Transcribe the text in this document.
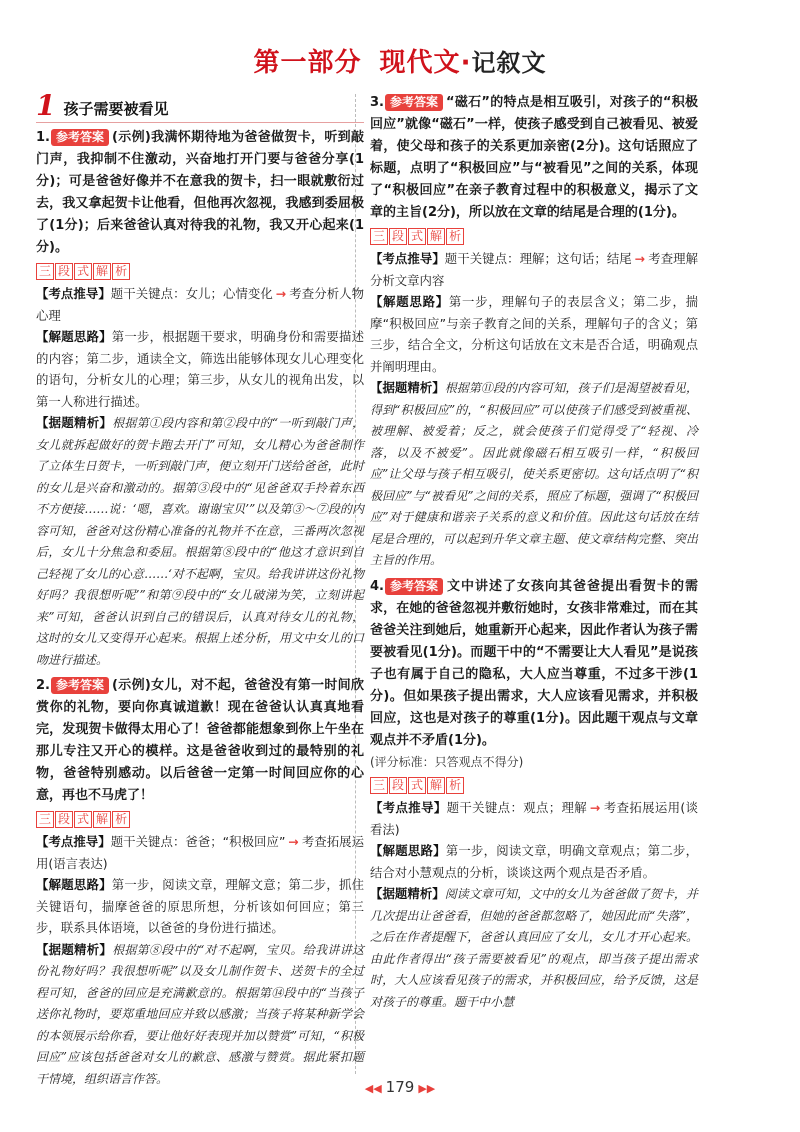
第一部分 现代文·记叙文
1 孩子需要被看见
1. 参考答案 (示例)我满怀期待地为爸爸做贺卡，听到敲门声，我抑制不住激动，兴奋地打开门要与爸爸分享(1分)；可是爸爸好像并不在意我的贺卡，扫一眼就敷衍过去，我又拿起贺卡让他看，但他再次忽视，我感到委屈极了(1分)；后来爸爸认真对待我的礼物，我又开心起来(1分)。
三 段 式 解 析
【考点推导】题干关键点：女儿；心情变化 → 考查分析人物心理
【解题思路】第一步，根据题干要求，明确身份和需要描述的内容；第二步，通读全文，筛选出能够体现女儿心理变化的语句，分析女儿的心理；第三步，从女儿的视角出发，以第一人称进行描述。
【据题精析】根据第①段内容和第②段中的“一听到敲门声，女儿就拆起做好的贺卡跑去开门”可知，女儿精心为爸爸制作了立体生日贺卡，一听到敲门声，便立刻开门送给爸爸，此时的女儿是兴奋和激动的。据第③段中的“见爸爸双手拎着东西不方便接……说：‘嗯，喜欢。谢谢宝贝’”以及第③～⑦段的内容可知，爸爸对这份精心准备的礼物并不在意，三番两次忽视后，女儿十分焦急和委屈。根据第⑧段中的“他这才意识到自己轻视了女儿的心意……‘对不起啊，宝贝。给我讲讲这份礼物好吗？我很想听呢’”和第⑨段中的“女儿破涕为笑，立刻讲起来”可知，爸爸认识到自己的错误后，认真对待女儿的礼物，这时的女儿又变得开心起来。根据上述分析，用文中女儿的口吻进行描述。
2. 参考答案 (示例)女儿，对不起，爸爸没有第一时间欣赏你的礼物，要向你真诚道歉！现在爸爸认认真真地看完，发现贺卡做得太用心了！爸爸都能想象到你上午坐在那儿专注又开心的模样。这是爸爸收到过的最特别的礼物，爸爸特别感动。以后爸爸一定第一时间回应你的心意，再也不马虎了！
三 段 式 解 析
【考点推导】题干关键点：爸爸；“积极回应” → 考查拓展运用(语言表达)
【解题思路】第一步，阅读文章，理解文意；第二步，抓住关键语句，揣摩爸爸的原思所想，分析该如何回应；第三步，联系具体语境，以爸爸的身份进行描述。
【据题精析】根据第⑧段中的“对不起啊，宝贝。给我讲讲这份礼物好吗？我很想听呢”以及女儿制作贺卡、送贺卡的全过程可知，爸爸的回应是充满歉意的。根据第⑭段中的“当孩子送你礼物时，要郑重地回应并致以感激；当孩子将某种新学会的本领展示给你看，要让他好好表现并加以赞赏”可知，“积极回应”应该包括爸爸对女儿的歉意、感激与赞赏。据此紧扣题干情境，组织语言作答。
3. 参考答案 “磁石”的特点是相互吸引，对孩子的“积极回应”就像“磁石”一样，使孩子感受到自己被看见、被爱着，使父母和孩子的关系更加亲密(2分)。这句话照应了标题，点明了“积极回应”与“被看见”之间的关系，体现了“积极回应”在亲子教育过程中的积极意义，揭示了文章的主旨(2分)，所以放在文章的结尾是合理的(1分)。
三 段 式 解 析
【考点推导】题干关键点：理解；这句话；结尾 → 考查理解分析文章内容
【解题思路】第一步，理解句子的表层含义；第二步，揣摩“积极回应”与亲子教育之间的关系，理解句子的含义；第三步，结合全文，分析这句话放在文末是否合适，明确观点并阐明理由。
【据题精析】根据第⑪段的内容可知，孩子们是渴望被看见，得到“积极回应”的，“积极回应”可以使孩子们感受到被重视、被理解、被爱着；反之，就会使孩子们觉得受了“轻视、冷落，以及不被爱”。因此就像磁石相互吸引一样，“积极回应”让父母与孩子相互吸引，使关系更密切。这句话点明了“积极回应”与“被看见”之间的关系，照应了标题，强调了“积极回应”对于健康和谐亲子关系的意义和价值。因此这句话放在结尾是合理的，可以起到升华文章主题、使文章结构完整、突出主旨的作用。
4. 参考答案 文中讲述了女孩向其爸爸提出看贺卡的需求，在她的爸爸忽视并敷衍她时，女孩非常难过，而在其爸爸关注到她后，她重新开心起来，因此作者认为孩子需要被看见(1分)。而题干中的“不需要让大人看见”是说孩子也有属于自己的隐私，大人应当尊重，不过多干涉(1分)。但如果孩子提出需求，大人应该看见需求，并积极回应，这也是对孩子的尊重(1分)。因此题干观点与文章观点并不矛盾(1分)。
(评分标准：只答观点不得分)
三 段 式 解 析
【考点推导】题干关键点：观点；理解 → 考查拓展运用(谈看法)
【解题思路】第一步，阅读文章，明确文章观点；第二步，结合对小慧观点的分析，谈谈这两个观点是否矛盾。
【据题精析】阅读文章可知，文中的女儿为爸爸做了贺卡，并几次提出让爸爸看，但她的爸爸都忽略了，她因此而“失落”，之后在作者提醒下，爸爸认真回应了女儿，女儿才开心起来。由此作者得出“孩子需要被看见”的观点，即当孩子提出需求时，大人应该看见孩子的需求，并积极回应，给予反馈，这是对孩子的尊重。题干中小慧
◀◀ 179 ▶▶
